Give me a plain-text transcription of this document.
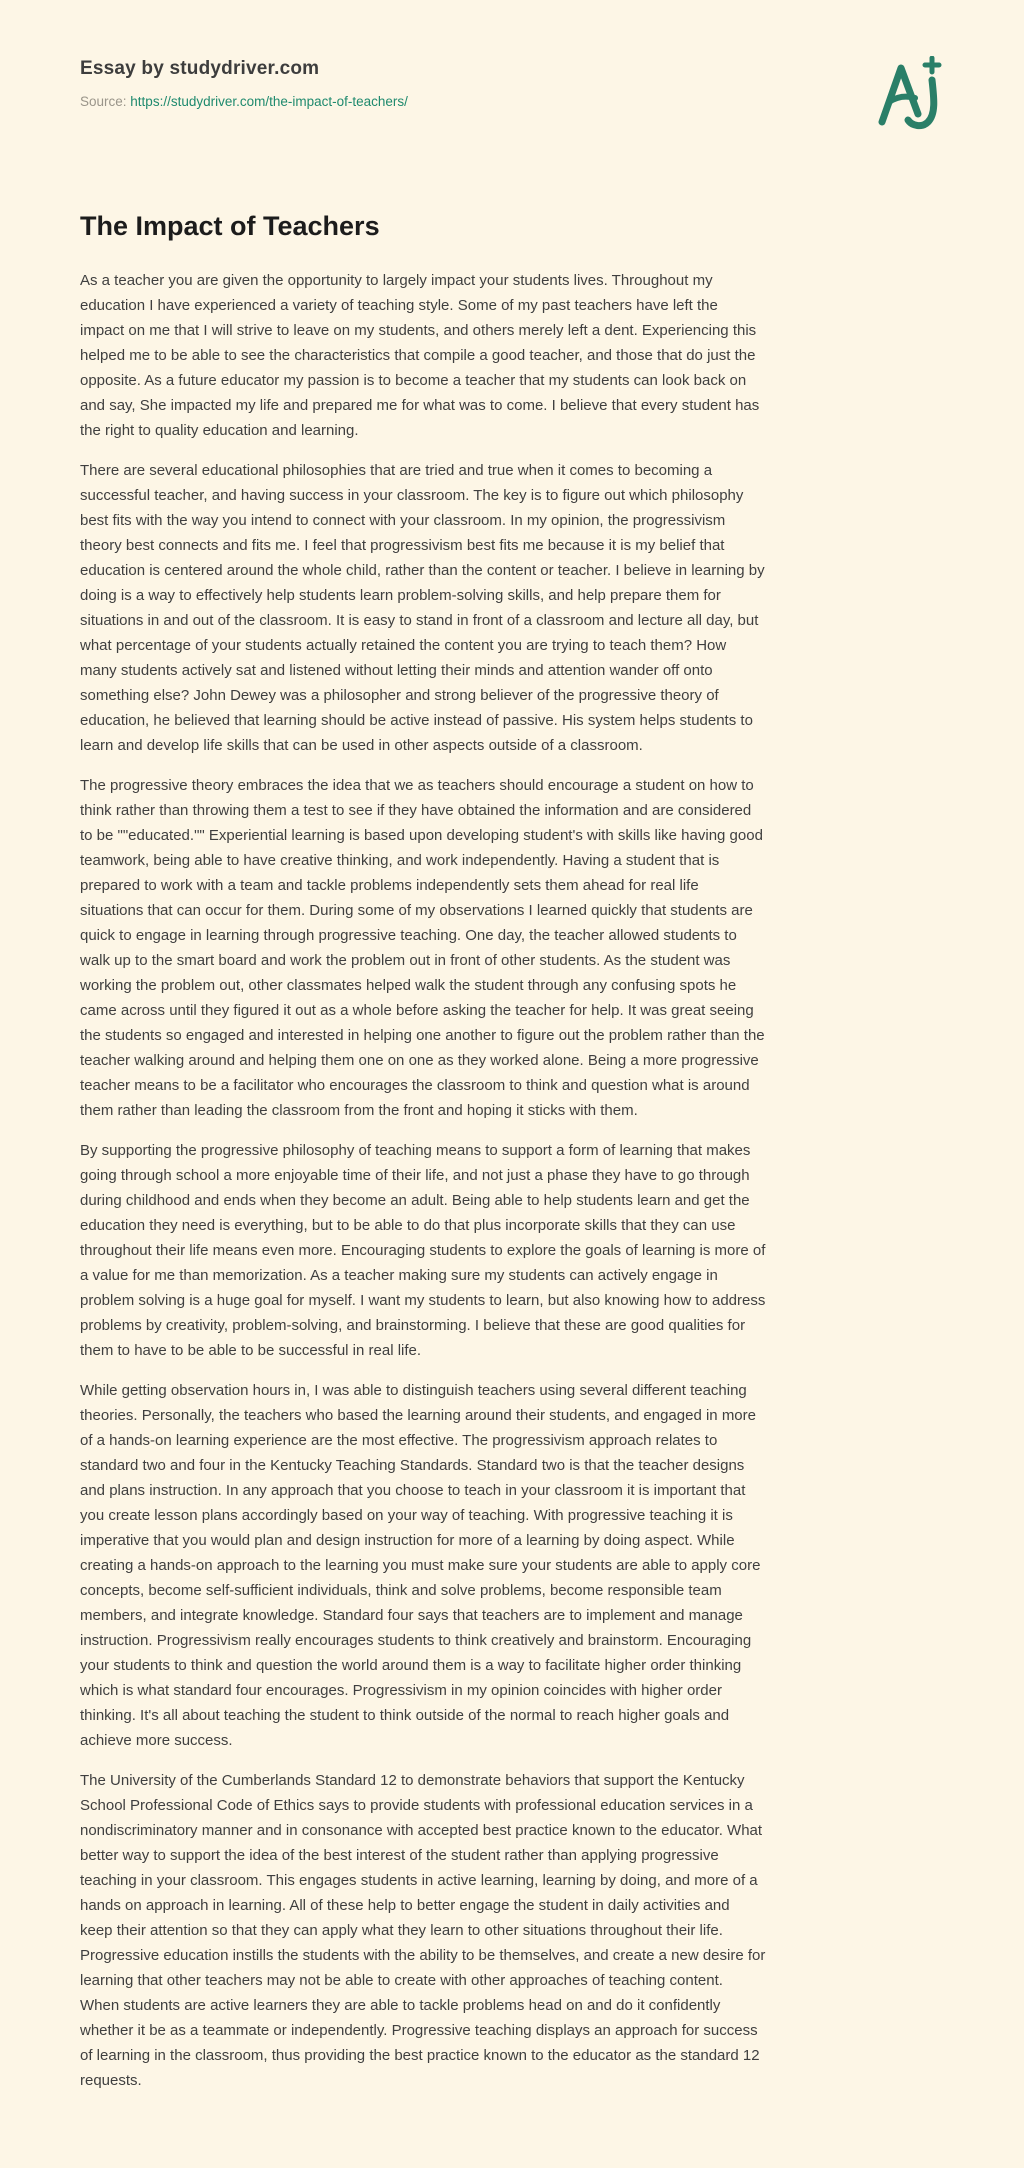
Essay by studydriver.com
Source: https://studydriver.com/the-impact-of-teachers/
The Impact of Teachers

As a teacher you are given the opportunity to largely impact your students lives. Throughout my education I have experienced a variety of teaching style. Some of my past teachers have left the impact on me that I will strive to leave on my students, and others merely left a dent. Experiencing this helped me to be able to see the characteristics that compile a good teacher, and those that do just the opposite. As a future educator my passion is to become a teacher that my students can look back on and say, She impacted my life and prepared me for what was to come. I believe that every student has the right to quality education and learning.

There are several educational philosophies that are tried and true when it comes to becoming a successful teacher, and having success in your classroom. The key is to figure out which philosophy best fits with the way you intend to connect with your classroom. In my opinion, the progressivism theory best connects and fits me. I feel that progressivism best fits me because it is my belief that education is centered around the whole child, rather than the content or teacher. I believe in learning by doing is a way to effectively help students learn problem-solving skills, and help prepare them for situations in and out of the classroom. It is easy to stand in front of a classroom and lecture all day, but what percentage of your students actually retained the content you are trying to teach them? How many students actively sat and listened without letting their minds and attention wander off onto something else? John Dewey was a philosopher and strong believer of the progressive theory of education, he believed that learning should be active instead of passive. His system helps students to learn and develop life skills that can be used in other aspects outside of a classroom.

The progressive theory embraces the idea that we as teachers should encourage a student on how to think rather than throwing them a test to see if they have obtained the information and are considered to be ""educated."" Experiential learning is based upon developing student's with skills like having good teamwork, being able to have creative thinking, and work independently. Having a student that is prepared to work with a team and tackle problems independently sets them ahead for real life situations that can occur for them. During some of my observations I learned quickly that students are quick to engage in learning through progressive teaching. One day, the teacher allowed students to walk up to the smart board and work the problem out in front of other students. As the student was working the problem out, other classmates helped walk the student through any confusing spots he came across until they figured it out as a whole before asking the teacher for help. It was great seeing the students so engaged and interested in helping one another to figure out the problem rather than the teacher walking around and helping them one on one as they worked alone. Being a more progressive teacher means to be a facilitator who encourages the classroom to think and question what is around them rather than leading the classroom from the front and hoping it sticks with them.

By supporting the progressive philosophy of teaching means to support a form of learning that makes going through school a more enjoyable time of their life, and not just a phase they have to go through during childhood and ends when they become an adult. Being able to help students learn and get the education they need is everything, but to be able to do that plus incorporate skills that they can use throughout their life means even more. Encouraging students to explore the goals of learning is more of a value for me than memorization. As a teacher making sure my students can actively engage in problem solving is a huge goal for myself. I want my students to learn, but also knowing how to address problems by creativity, problem-solving, and brainstorming. I believe that these are good qualities for them to have to be able to be successful in real life.

While getting observation hours in, I was able to distinguish teachers using several different teaching theories. Personally, the teachers who based the learning around their students, and engaged in more of a hands-on learning experience are the most effective. The progressivism approach relates to standard two and four in the Kentucky Teaching Standards. Standard two is that the teacher designs and plans instruction. In any approach that you choose to teach in your classroom it is important that you create lesson plans accordingly based on your way of teaching. With progressive teaching it is imperative that you would plan and design instruction for more of a learning by doing aspect. While creating a hands-on approach to the learning you must make sure your students are able to apply core concepts, become self-sufficient individuals, think and solve problems, become responsible team members, and integrate knowledge. Standard four says that teachers are to implement and manage instruction. Progressivism really encourages students to think creatively and brainstorm. Encouraging your students to think and question the world around them is a way to facilitate higher order thinking which is what standard four encourages. Progressivism in my opinion coincides with higher order thinking. It's all about teaching the student to think outside of the normal to reach higher goals and achieve more success.

The University of the Cumberlands Standard 12 to demonstrate behaviors that support the Kentucky School Professional Code of Ethics says to provide students with professional education services in a nondiscriminatory manner and in consonance with accepted best practice known to the educator. What better way to support the idea of the best interest of the student rather than applying progressive teaching in your classroom. This engages students in active learning, learning by doing, and more of a hands on approach in learning. All of these help to better engage the student in daily activities and keep their attention so that they can apply what they learn to other situations throughout their life. Progressive education instills the students with the ability to be themselves, and create a new desire for learning that other teachers may not be able to create with other approaches of teaching content. When students are active learners they are able to tackle problems head on and do it confidently whether it be as a teammate or independently. Progressive teaching displays an approach for success of learning in the classroom, thus providing the best practice known to the educator as the standard 12 requests.
